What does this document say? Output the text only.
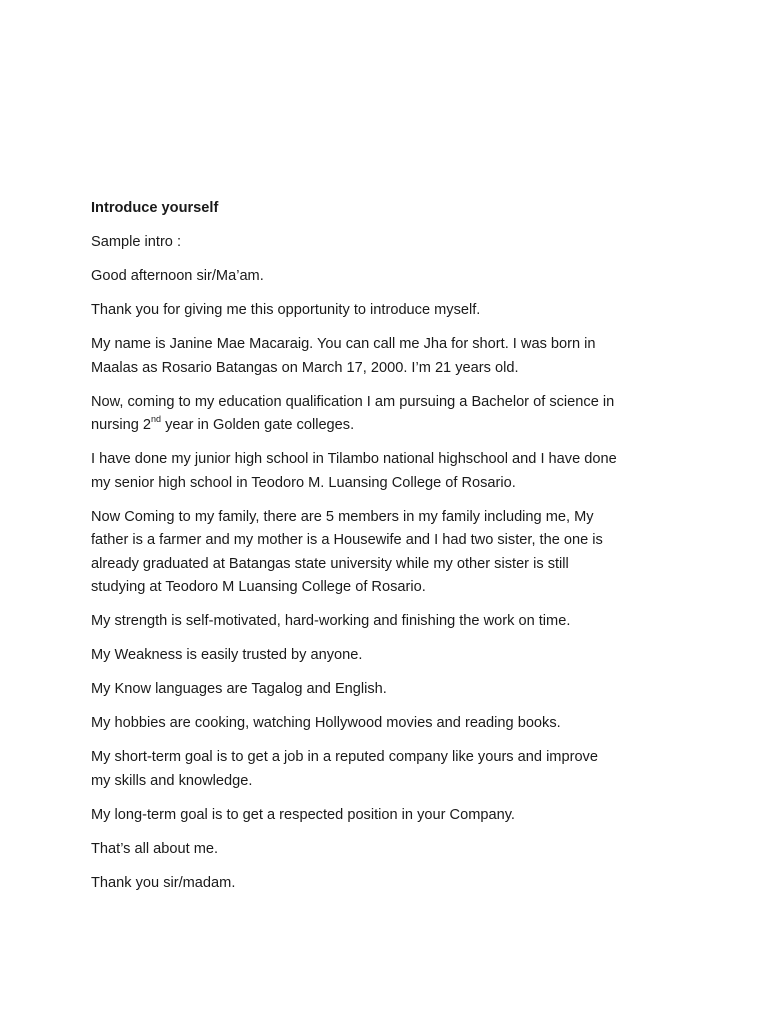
Introduce yourself

Sample intro :

Good afternoon sir/Ma’am.

Thank you for giving me this opportunity to introduce myself.

My name is Janine Mae Macaraig. You can call me Jha for short. I was born in
Maalas as Rosario Batangas on March 17, 2000. I’m 21 years old.

Now, coming to my education qualification I am pursuing a Bachelor of science in
nursing 2nd year in Golden gate colleges.

I have done my junior high school in Tilambo national highschool and I have done
my senior high school in Teodoro M. Luansing College of Rosario.

Now Coming to my family, there are 5 members in my family including me, My
father is a farmer and my mother is a Housewife and I had two sister, the one is
already graduated at Batangas state university while my other sister is still
studying at Teodoro M Luansing College of Rosario.

My strength is self-motivated, hard-working and finishing the work on time.

My Weakness is easily trusted by anyone.

My Know languages are Tagalog and English.

My hobbies are cooking, watching Hollywood movies and reading books.

My short-term goal is to get a job in a reputed company like yours and improve
my skills and knowledge.

My long-term goal is to get a respected position in your Company.

That’s all about me.

Thank you sir/madam.
